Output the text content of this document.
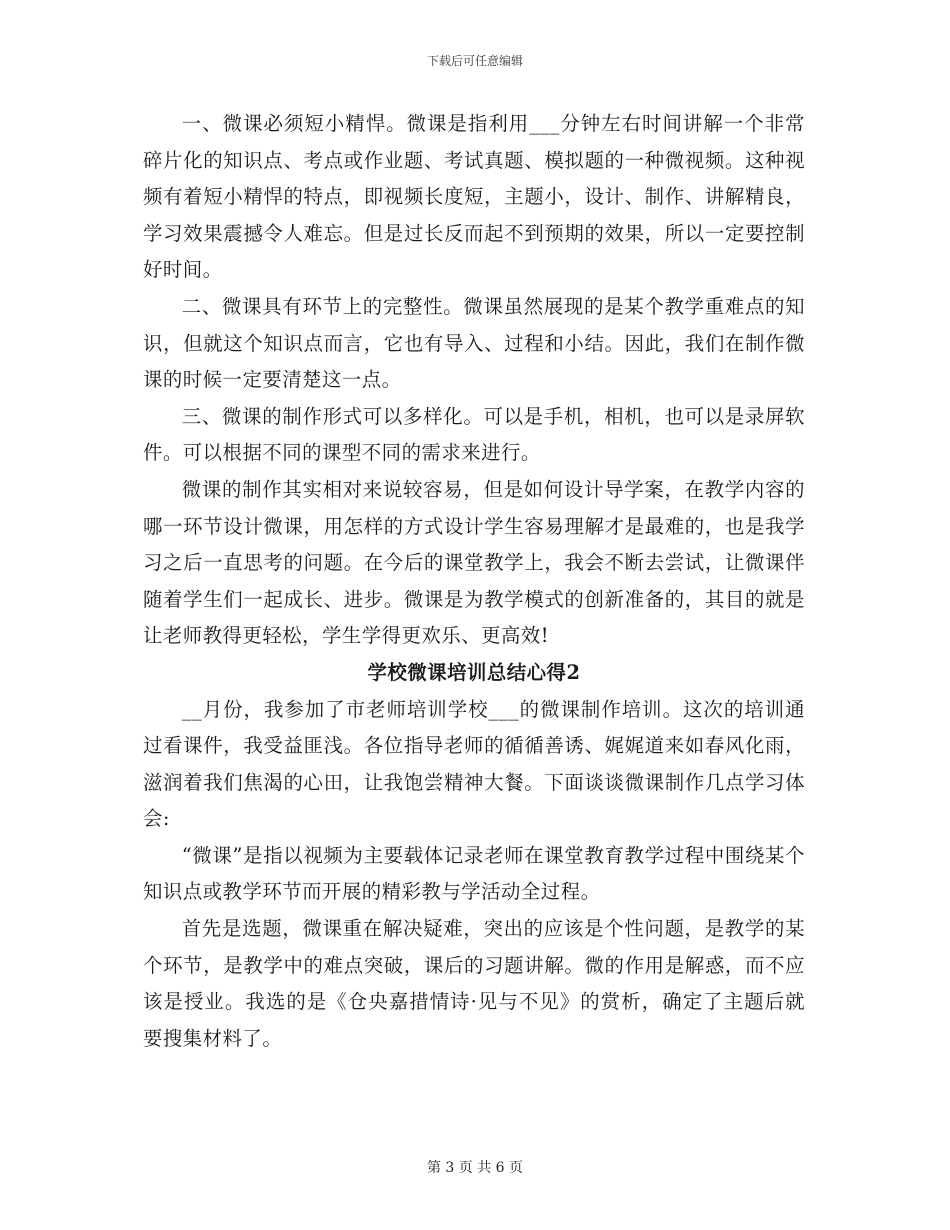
下载后可任意编辑

一、微课必须短小精悍。微课是指利用___分钟左右时间讲解一个非常碎片化的知识点、考点或作业题、考试真题、模拟题的一种微视频。这种视频有着短小精悍的特点，即视频长度短，主题小，设计、制作、讲解精良，学习效果震撼令人难忘。但是过长反而起不到预期的效果，所以一定要控制好时间。

二、微课具有环节上的完整性。微课虽然展现的是某个教学重难点的知识，但就这个知识点而言，它也有导入、过程和小结。因此，我们在制作微课的时候一定要清楚这一点。

三、微课的制作形式可以多样化。可以是手机，相机，也可以是录屏软件。可以根据不同的课型不同的需求来进行。

微课的制作其实相对来说较容易，但是如何设计导学案，在教学内容的哪一环节设计微课，用怎样的方式设计学生容易理解才是最难的，也是我学习之后一直思考的问题。在今后的课堂教学上，我会不断去尝试，让微课伴随着学生们一起成长、进步。微课是为教学模式的创新准备的，其目的就是让老师教得更轻松，学生学得更欢乐、更高效!

学校微课培训总结心得2

__月份，我参加了市老师培训学校___的微课制作培训。这次的培训通过看课件，我受益匪浅。各位指导老师的循循善诱、娓娓道来如春风化雨，滋润着我们焦渴的心田，让我饱尝精神大餐。下面谈谈微课制作几点学习体会:

“微课”是指以视频为主要载体记录老师在课堂教育教学过程中围绕某个知识点或教学环节而开展的精彩教与学活动全过程。

首先是选题，微课重在解决疑难，突出的应该是个性问题，是教学的某个环节，是教学中的难点突破，课后的习题讲解。微的作用是解惑，而不应该是授业。我选的是《仓央嘉措情诗·见与不见》的赏析，确定了主题后就要搜集材料了。

第 3 页 共 6 页
